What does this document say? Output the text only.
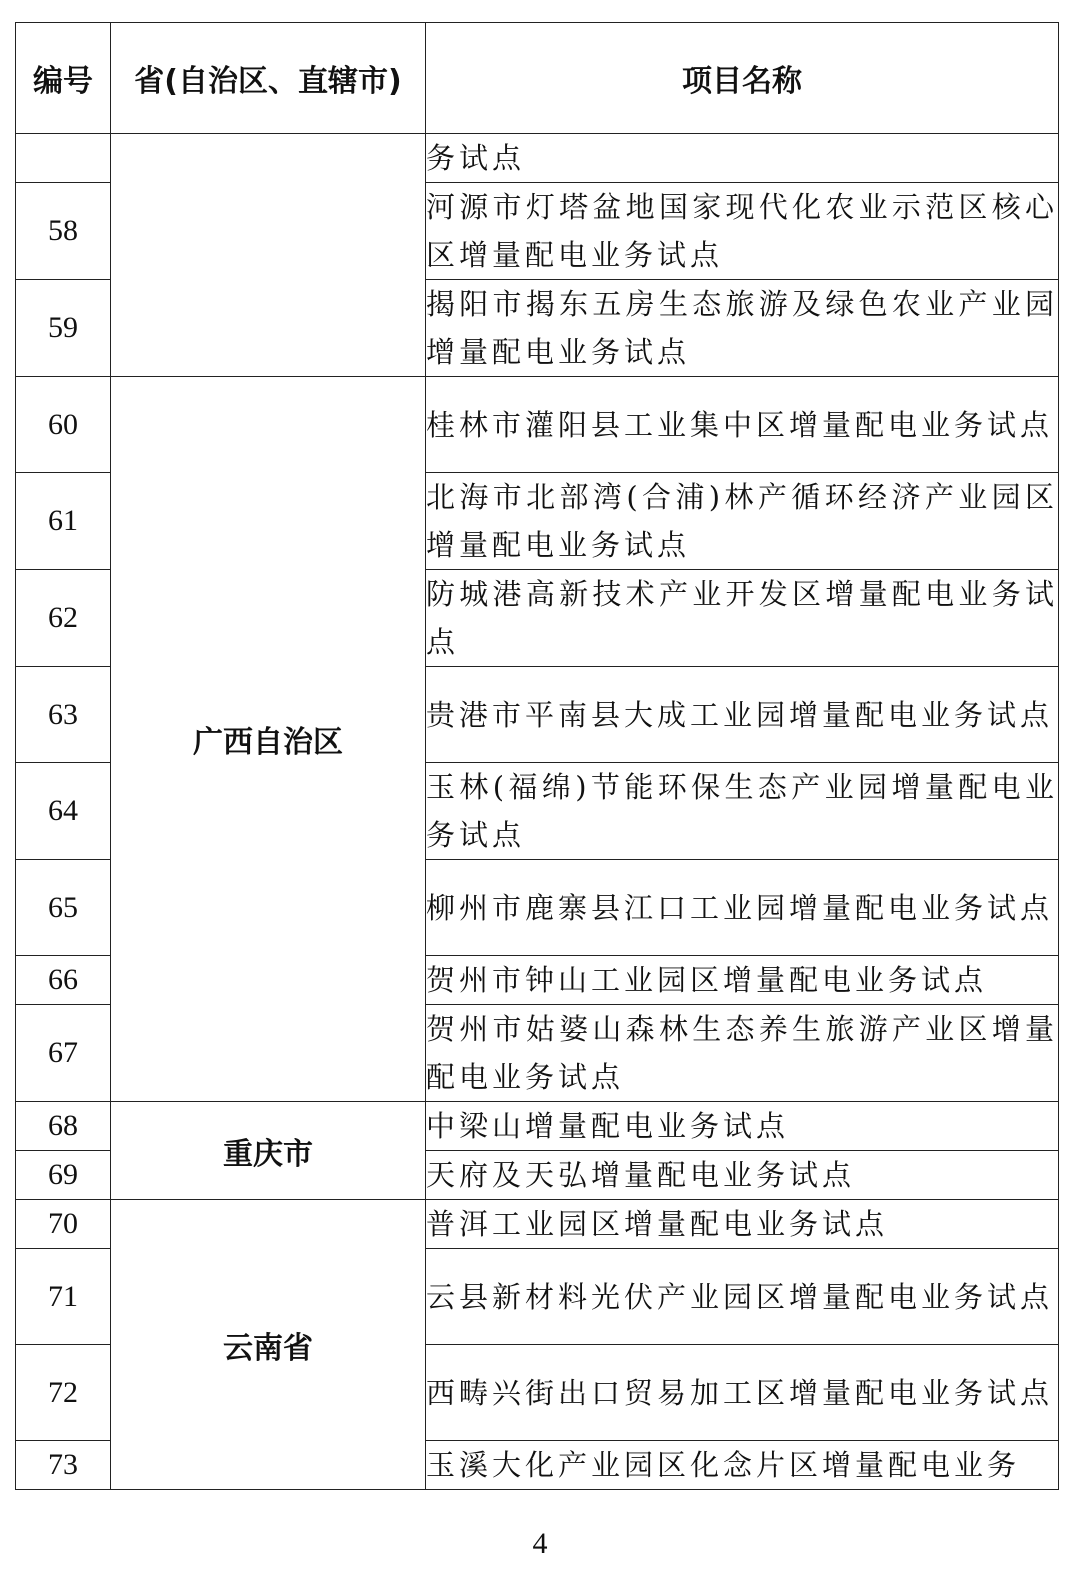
编号	省(自治区、直辖市)	项目名称
		务试点
58		河源市灯塔盆地国家现代化农业示范区核心区增量配电业务试点
59		揭阳市揭东五房生态旅游及绿色农业产业园增量配电业务试点
60	广西自治区	桂林市灌阳县工业集中区增量配电业务试点
61		北海市北部湾(合浦)林产循环经济产业园区增量配电业务试点
62		防城港高新技术产业开发区增量配电业务试点
63		贵港市平南县大成工业园增量配电业务试点
64		玉林(福绵)节能环保生态产业园增量配电业务试点
65		柳州市鹿寨县江口工业园增量配电业务试点
66		贺州市钟山工业园区增量配电业务试点
67		贺州市姑婆山森林生态养生旅游产业区增量配电业务试点
68	重庆市	中梁山增量配电业务试点
69		天府及天弘增量配电业务试点
70	云南省	普洱工业园区增量配电业务试点
71		云县新材料光伏产业园区增量配电业务试点
72		西畴兴街出口贸易加工区增量配电业务试点
73		玉溪大化产业园区化念片区增量配电业务
4
